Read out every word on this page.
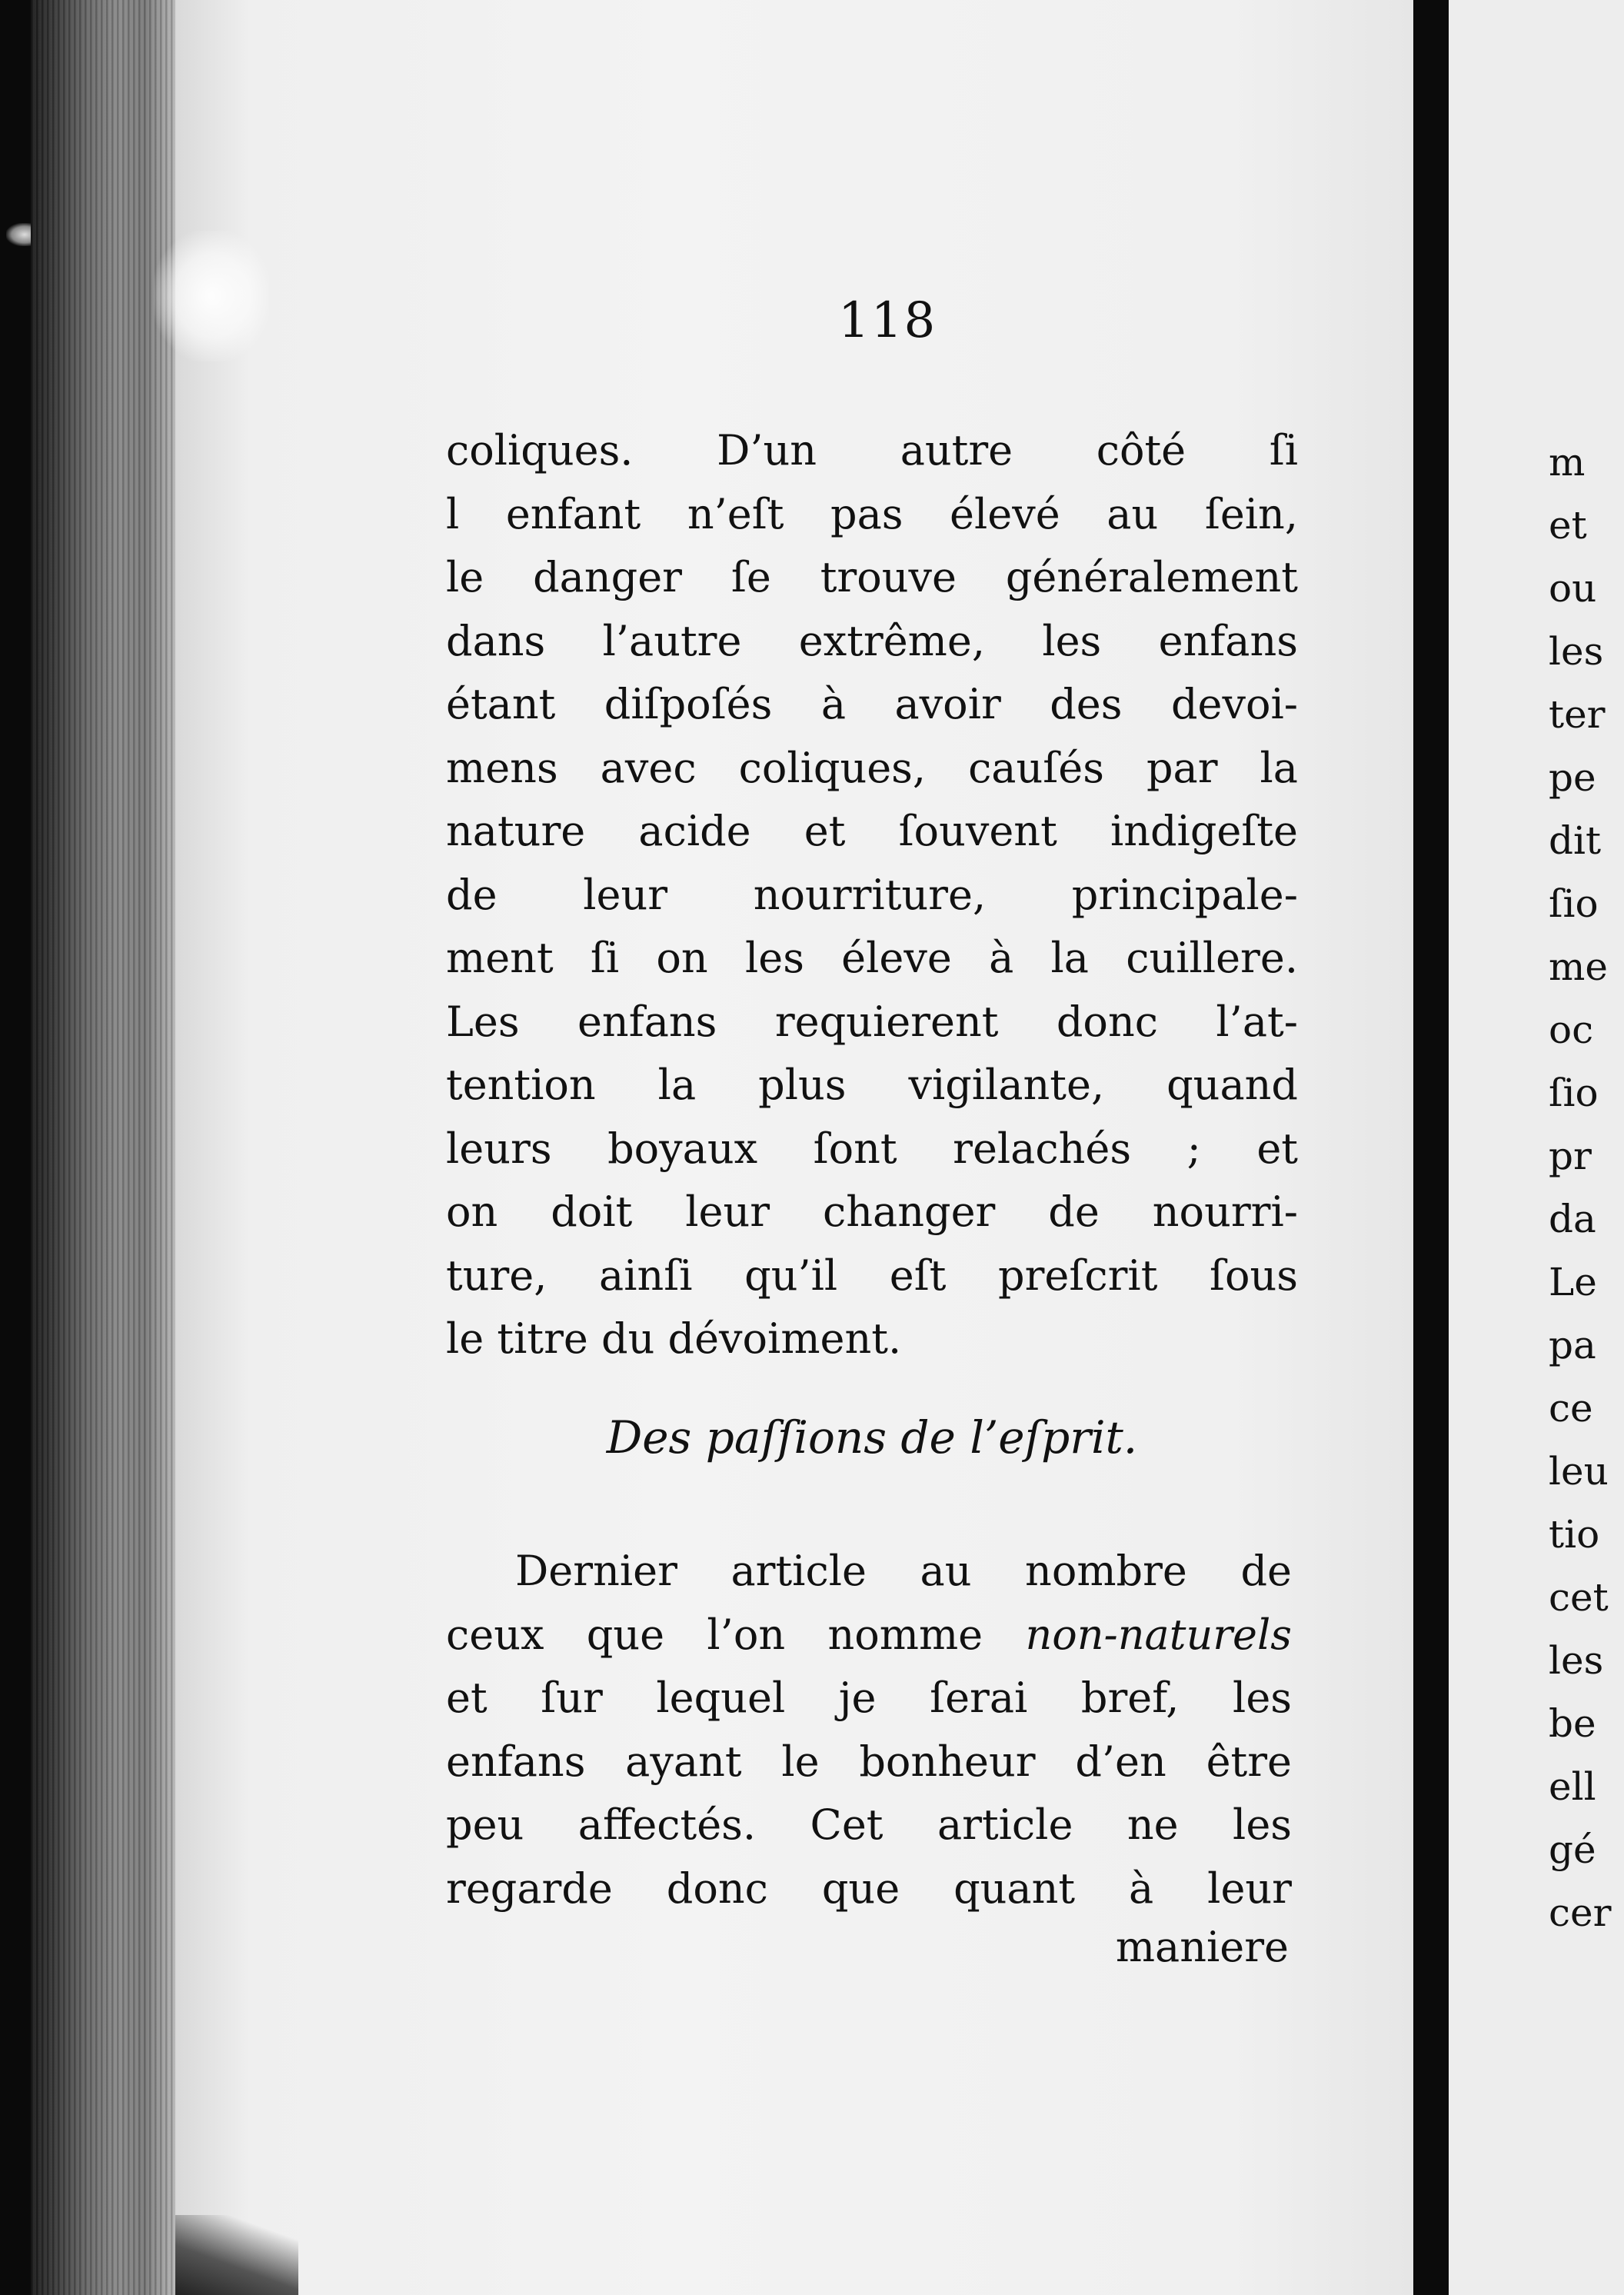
118
coliques. D’un autre côté ſi
l enfant n’eſt pas élevé au ſein,
le danger ſe trouve généralement
dans l’autre extrême, les enfans
étant diſpoſés à avoir des devoi-
mens avec coliques, cauſés par la
nature acide et ſouvent indigeſte
de leur nourriture, principale-
ment ſi on les éleve à la cuillere.
Les enfans requierent donc l’at-
tention la plus vigilante, quand
leurs boyaux ſont relachés ; et
on doit leur changer de nourri-
ture, ainſi qu’il eſt preſcrit ſous
le titre du dévoiment.
Des paſſions de l’eſprit.
Dernier article au nombre de
ceux que l’on nomme non-naturels
et ſur lequel je ſerai bref, les
enfans ayant le bonheur d’en être
peu affectés. Cet article ne les
regarde donc que quant à leur
maniere
m
et
ou
les
ter
pe
dit
ſio
me
oc
ſio
pr
da
Le
pa
ce
leu
tio
cet
les
be
ell
gé
cer
